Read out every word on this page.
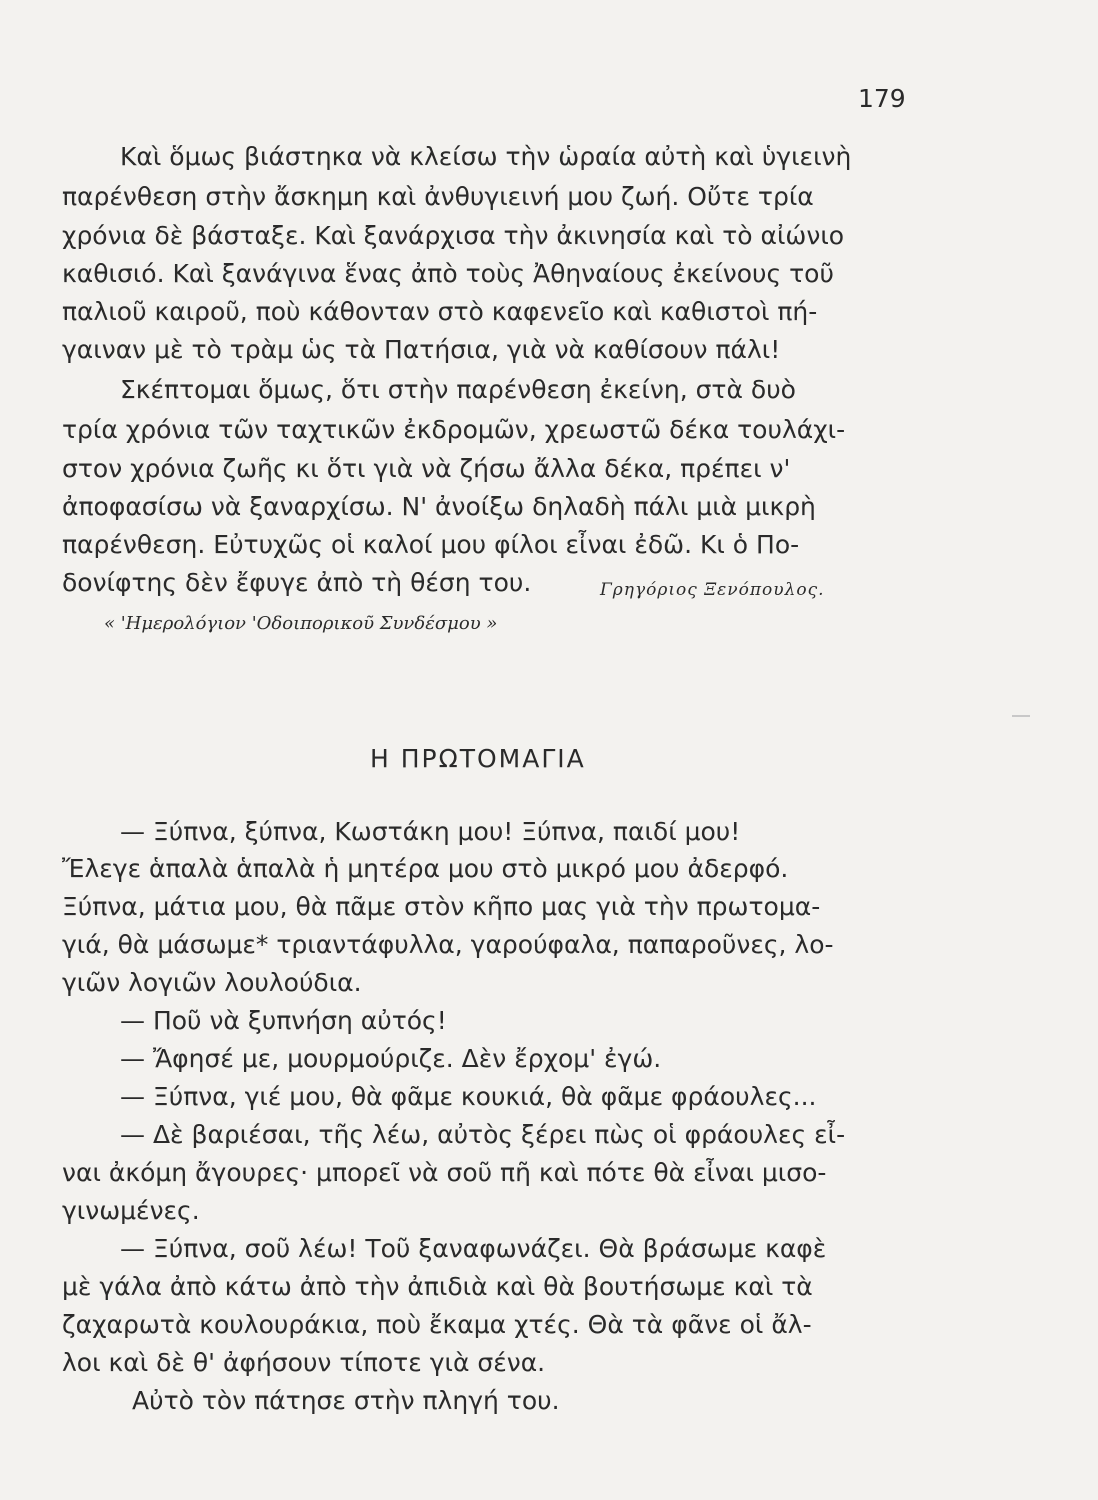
179
Καὶ ὅμως βιάστηκα νὰ κλείσω τὴν ὡραία αὐτὴ καὶ ὑγιεινὴ
παρένθεση στὴν ἄσκημη καὶ ἀνθυγιεινή μου ζωή. Οὔτε τρία
χρόνια δὲ βάσταξε. Καὶ ξανάρχισα τὴν ἀκινησία καὶ τὸ αἰώνιο
καθισιό. Καὶ ξανάγινα ἕνας ἀπὸ τοὺς Ἀθηναίους ἐκείνους τοῦ
παλιοῦ καιροῦ, ποὺ κάθονταν στὸ καφενεῖο καὶ καθιστοὶ πή-
γαιναν μὲ τὸ τρὰμ ὡς τὰ Πατήσια, γιὰ νὰ καθίσουν πάλι!
Σκέπτομαι ὅμως, ὅτι στὴν παρένθεση ἐκείνη, στὰ δυὸ
τρία χρόνια τῶν ταχτικῶν ἐκδρομῶν, χρεωστῶ δέκα τουλάχι-
στον χρόνια ζωῆς κι ὅτι γιὰ νὰ ζήσω ἄλλα δέκα, πρέπει ν'
ἀποφασίσω νὰ ξαναρχίσω. Ν' ἀνοίξω δηλαδὴ πάλι μιὰ μικρὴ
παρένθεση. Εὐτυχῶς οἱ καλοί μου φίλοι εἶναι ἐδῶ. Κι ὁ Πο-
δονίφτης δὲν ἔφυγε ἀπὸ τὴ θέση του.	Γρηγόριος Ξενόπουλος.
« 'Ημερολόγιον 'Οδοιπορικοῦ Συνδέσμου »
Η ΠΡΩΤΟΜΑΓΙΑ
— Ξύπνα, ξύπνα, Κωστάκη μου! Ξύπνα, παιδί μου!
Ἔλεγε ἁπαλὰ ἁπαλὰ ἡ μητέρα μου στὸ μικρό μου ἀδερφό.
Ξύπνα, μάτια μου, θὰ πᾶμε στὸν κῆπο μας γιὰ τὴν πρωτομα-
γιά, θὰ μάσωμε* τριαντάφυλλα, γαρούφαλα, παπαροῦνες, λο-
γιῶν λογιῶν λουλούδια.
— Ποῦ νὰ ξυπνήση αὐτός!
— Ἄφησέ με, μουρμούριζε. Δὲν ἔρχομ' ἐγώ.
— Ξύπνα, γιέ μου, θὰ φᾶμε κουκιά, θὰ φᾶμε φράουλες...
— Δὲ βαριέσαι, τῆς λέω, αὐτὸς ξέρει πὼς οἱ φράουλες εἶ-
ναι ἀκόμη ἄγουρες· μπορεῖ νὰ σοῦ πῆ καὶ πότε θὰ εἶναι μισο-
γινωμένες.
— Ξύπνα, σοῦ λέω! Τοῦ ξαναφωνάζει. Θὰ βράσωμε καφὲ
μὲ γάλα ἀπὸ κάτω ἀπὸ τὴν ἀπιδιὰ καὶ θὰ βουτήσωμε καὶ τὰ
ζαχαρωτὰ κουλουράκια, ποὺ ἔκαμα χτές. Θὰ τὰ φᾶνε οἱ ἄλ-
λοι καὶ δὲ θ' ἀφήσουν τίποτε γιὰ σένα.
Αὐτὸ τὸν πάτησε στὴν πληγή του.
